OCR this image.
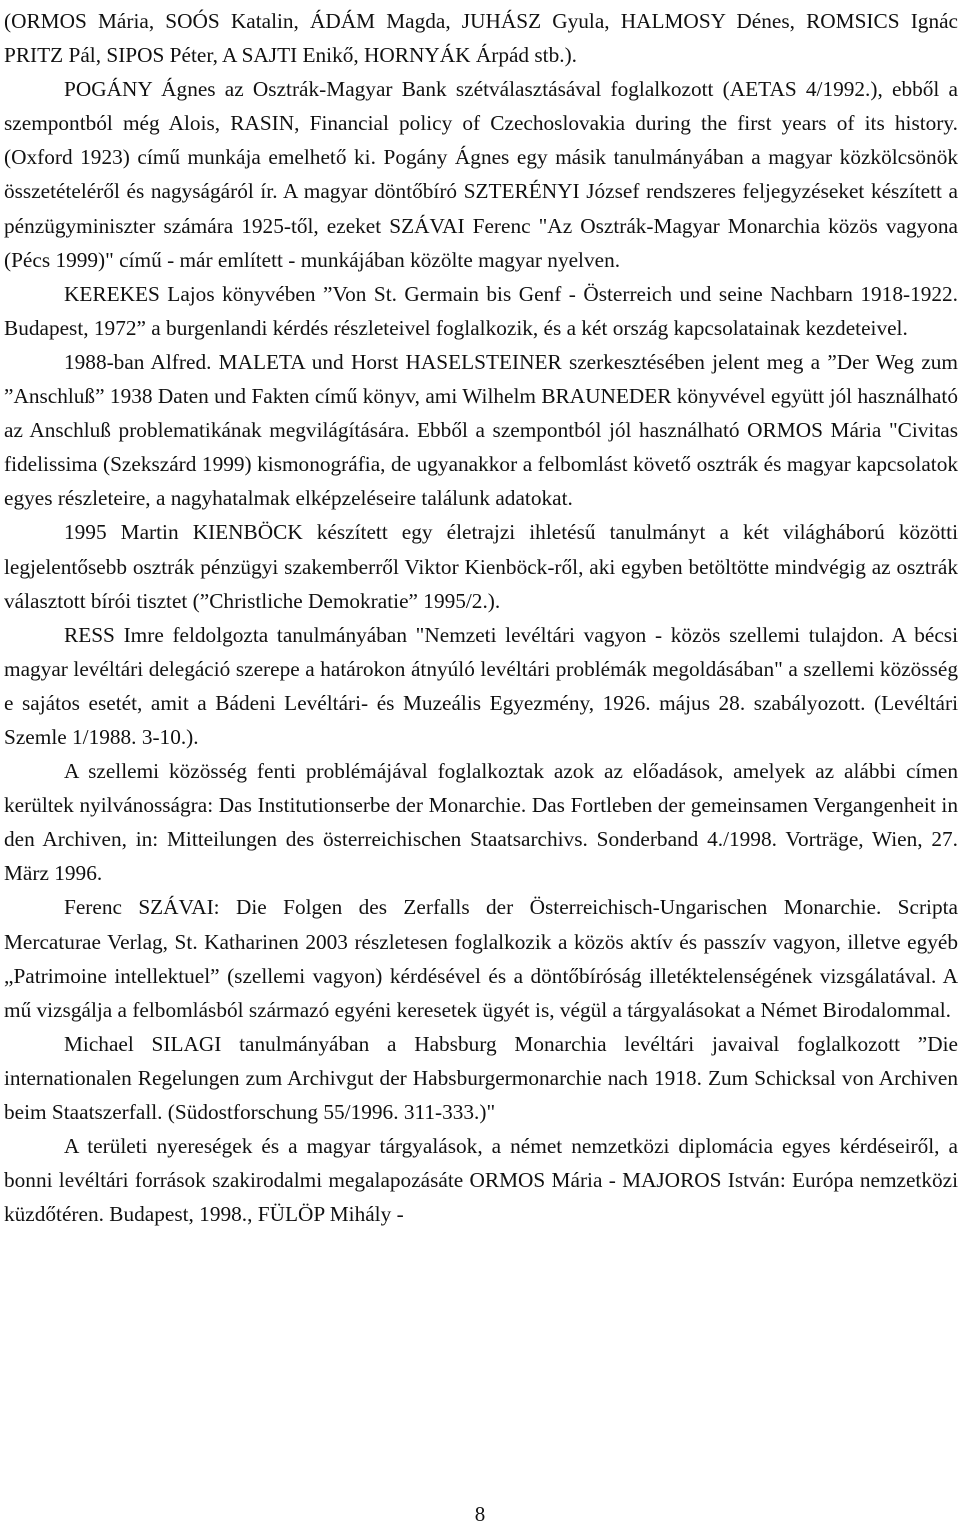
(ORMOS Mária, SOÓS Katalin, ÁDÁM Magda, JUHÁSZ Gyula, HALMOSY Dénes, ROMSICS Ignác PRITZ Pál, SIPOS Péter, A SAJTI Enikő, HORNYÁK Árpád stb.).

POGÁNY Ágnes az Osztrák-Magyar Bank szétválasztásával foglalkozott (AETAS 4/1992.), ebből a szempontból még Alois, RASIN, Financial policy of Czechoslovakia during the first years of its history. (Oxford 1923) című munkája emelhető ki. Pogány Ágnes egy másik tanulmányában a magyar közkölcsönök összetételéről és nagyságáról ír. A magyar döntőbíró SZTERÉNYI József rendszeres feljegyzéseket készített a pénzügyminiszter számára 1925-től, ezeket SZÁVAI Ferenc "Az Osztrák-Magyar Monarchia közös vagyona (Pécs 1999)" című - már említett - munkájában közölte magyar nyelven.

KEREKES Lajos könyvében ”Von St. Germain bis Genf - Österreich und seine Nachbarn 1918-1922. Budapest, 1972” a burgenlandi kérdés részleteivel foglalkozik, és a két ország kapcsolatainak kezdeteivel.

1988-ban Alfred. MALETA und Horst HASELSTEINER szerkesztésében jelent meg a ”Der Weg zum ”Anschluß” 1938 Daten und Fakten című könyv, ami Wilhelm BRAUNEDER könyvével együtt jól használható az Anschluß problematikának megvilágítására. Ebből a szempontból jól használható ORMOS Mária "Civitas fidelissima (Szekszárd 1999) kismonográfia, de ugyanakkor a felbomlást követő osztrák és magyar kapcsolatok egyes részleteire, a nagyhatalmak elképzeléseire találunk adatokat.

1995 Martin KIENBÖCK készített egy életrajzi ihletésű tanulmányt a két világháború közötti legjelentősebb osztrák pénzügyi szakemberről Viktor Kienböck-ről, aki egyben betöltötte mindvégig az osztrák választott bírói tisztet (”Christliche Demokratie” 1995/2.).

RESS Imre feldolgozta tanulmányában "Nemzeti levéltári vagyon - közös szellemi tulajdon. A bécsi magyar levéltári delegáció szerepe a határokon átnyúló levéltári problémák megoldásában" a szellemi közösség e sajátos esetét, amit a Bádeni Levéltári- és Muzeális Egyezmény, 1926. május 28. szabályozott. (Levéltári Szemle 1/1988. 3-10.).

A szellemi közösség fenti problémájával foglalkoztak azok az előadások, amelyek az alábbi címen kerültek nyilvánosságra: Das Institutionserbe der Monarchie. Das Fortleben der gemeinsamen Vergangenheit in den Archiven, in: Mitteilungen des österreichischen Staatsarchivs. Sonderband 4./1998. Vorträge, Wien, 27. März 1996.

Ferenc SZÁVAI: Die Folgen des Zerfalls der Österreichisch-Ungarischen Monarchie. Scripta Mercaturae Verlag, St. Katharinen 2003 részletesen foglalkozik a közös aktív és passzív vagyon, illetve egyéb „Patrimoine intellektuel” (szellemi vagyon) kérdésével és a döntőbíróság illetéktelenségének vizsgálatával. A mű vizsgálja a felbomlásból származó egyéni keresetek ügyét is, végül a tárgyalásokat a Német Birodalommal.

Michael SILAGI tanulmányában a Habsburg Monarchia levéltári javaival foglalkozott ”Die internationalen Regelungen zum Archivgut der Habsburgermonarchie nach 1918. Zum Schicksal von Archiven beim Staatszerfall. (Südostforschung 55/1996. 311-333.)"

A területi nyereségek és a magyar tárgyalások, a német nemzetközi diplomácia egyes kérdéseiről, a bonni levéltári források szakirodalmi megalapozásáte ORMOS Mária - MAJOROS István: Európa nemzetközi küzdőtéren. Budapest, 1998., FÜLÖP Mihály -

8
